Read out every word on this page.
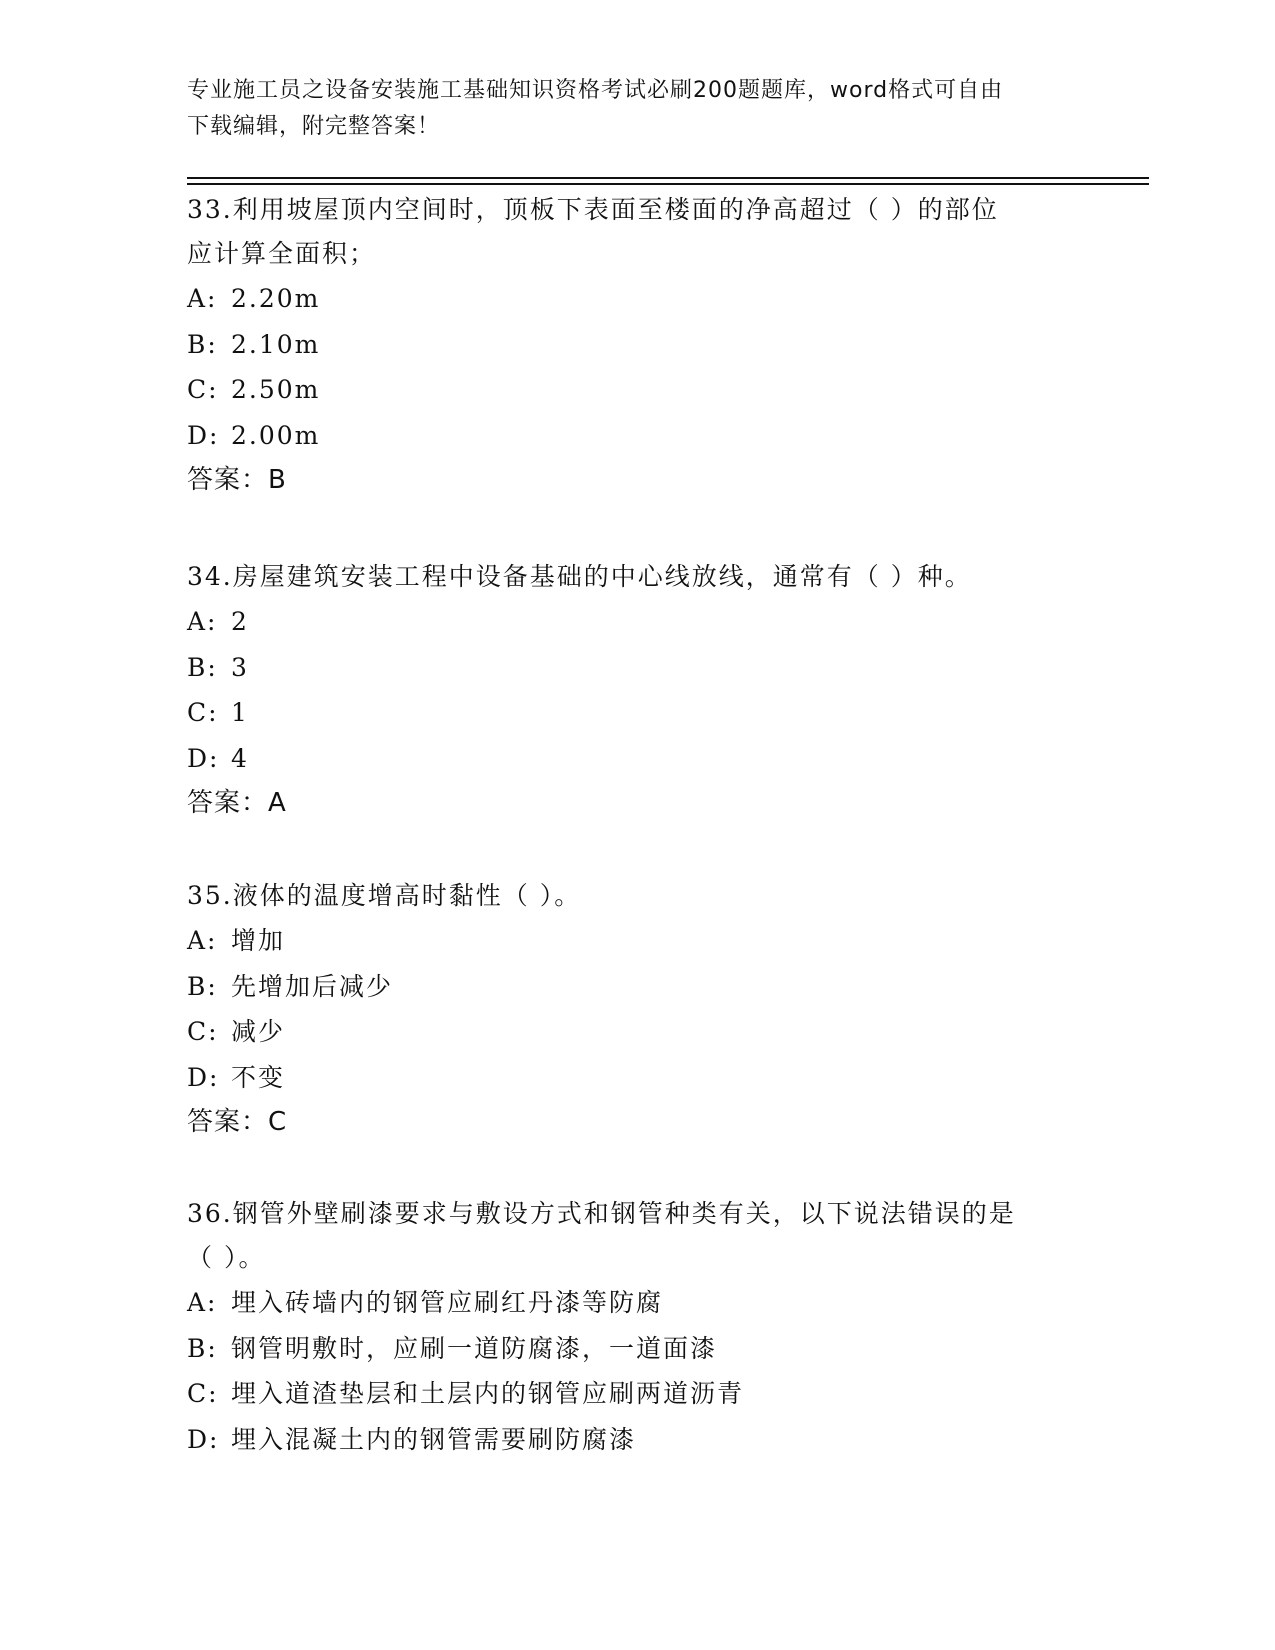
专业施工员之设备安装施工基础知识资格考试必刷200题题库，word格式可自由
下载编辑，附完整答案！

33.利用坡屋顶内空间时，顶板下表面至楼面的净高超过（ ）的部位

应计算全面积；

A: 2.20m

B: 2.10m

C: 2.50m

D: 2.00m

答案：B

34.房屋建筑安装工程中设备基础的中心线放线，通常有（ ）种。

A: 2

B: 3

C: 1

D: 4

答案：A

35.液体的温度增高时黏性（ ）。

A: 增加

B: 先增加后减少

C: 减少

D: 不变

答案：C

36.钢管外壁刷漆要求与敷设方式和钢管种类有关，以下说法错误的是

（ ）。

A: 埋入砖墙内的钢管应刷红丹漆等防腐

B: 钢管明敷时，应刷一道防腐漆，一道面漆

C: 埋入道渣垫层和土层内的钢管应刷两道沥青

D: 埋入混凝土内的钢管需要刷防腐漆
